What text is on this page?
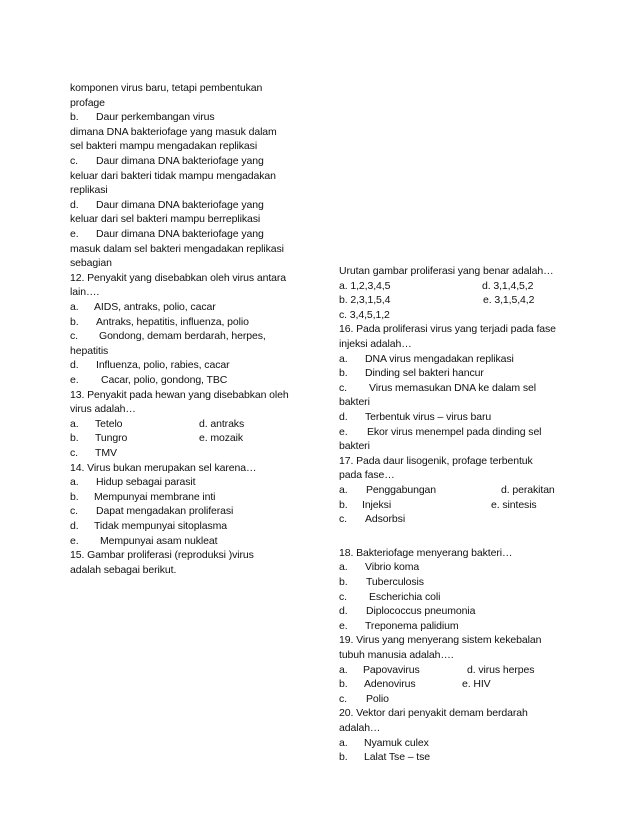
komponen virus baru, tetapi pembentukan
profage
b. Daur perkembangan virus
dimana DNA bakteriofage yang masuk dalam
sel bakteri mampu mengadakan replikasi
c. Daur dimana DNA bakteriofage yang
keluar dari bakteri tidak mampu mengadakan
replikasi
d. Daur dimana DNA bakteriofage yang
keluar dari sel bakteri mampu berreplikasi
e. Daur dimana DNA bakteriofage yang
masuk dalam sel bakteri mengadakan replikasi
sebagian
12. Penyakit yang disebabkan oleh virus antara
lain….
a. AIDS, antraks, polio, cacar
b. Antraks, hepatitis, influenza, polio
c. Gondong, demam berdarah, herpes,
hepatitis
d. Influenza, polio, rabies, cacar
e. Cacar, polio, gondong, TBC
13. Penyakit pada hewan yang disebabkan oleh
virus adalah…
a. Tetelo	d. antraks
b. Tungro	e. mozaik
c. TMV
14. Virus bukan merupakan sel karena…
a. Hidup sebagai parasit
b. Mempunyai membrane inti
c. Dapat mengadakan proliferasi
d. Tidak mempunyai sitoplasma
e. Mempunyai asam nukleat
15. Gambar proliferasi (reproduksi )virus
adalah sebagai berikut.
Urutan gambar proliferasi yang benar adalah…
a. 1,2,3,4,5	d. 3,1,4,5,2
b. 2,3,1,5,4	e. 3,1,5,4,2
c. 3,4,5,1,2
16. Pada proliferasi virus yang terjadi pada fase
injeksi adalah…
a. DNA virus mengadakan replikasi
b. Dinding sel bakteri hancur
c. Virus memasukan DNA ke dalam sel
bakteri
d. Terbentuk virus – virus baru
e. Ekor virus menempel pada dinding sel
bakteri
17. Pada daur lisogenik, profage terbentuk
pada fase…
a. Penggabungan	d. perakitan
b. Injeksi	e. sintesis
c. Adsorbsi
18. Bakteriofage menyerang bakteri…
a. Vibrio koma
b. Tuberculosis
c. Escherichia coli
d. Diplococcus pneumonia
e. Treponema palidium
19. Virus yang menyerang sistem kekebalan
tubuh manusia adalah….
a. Papovavirus	d. virus herpes
b. Adenovirus	e. HIV
c. Polio
20. Vektor dari penyakit demam berdarah
adalah…
a. Nyamuk culex
b. Lalat Tse – tse
